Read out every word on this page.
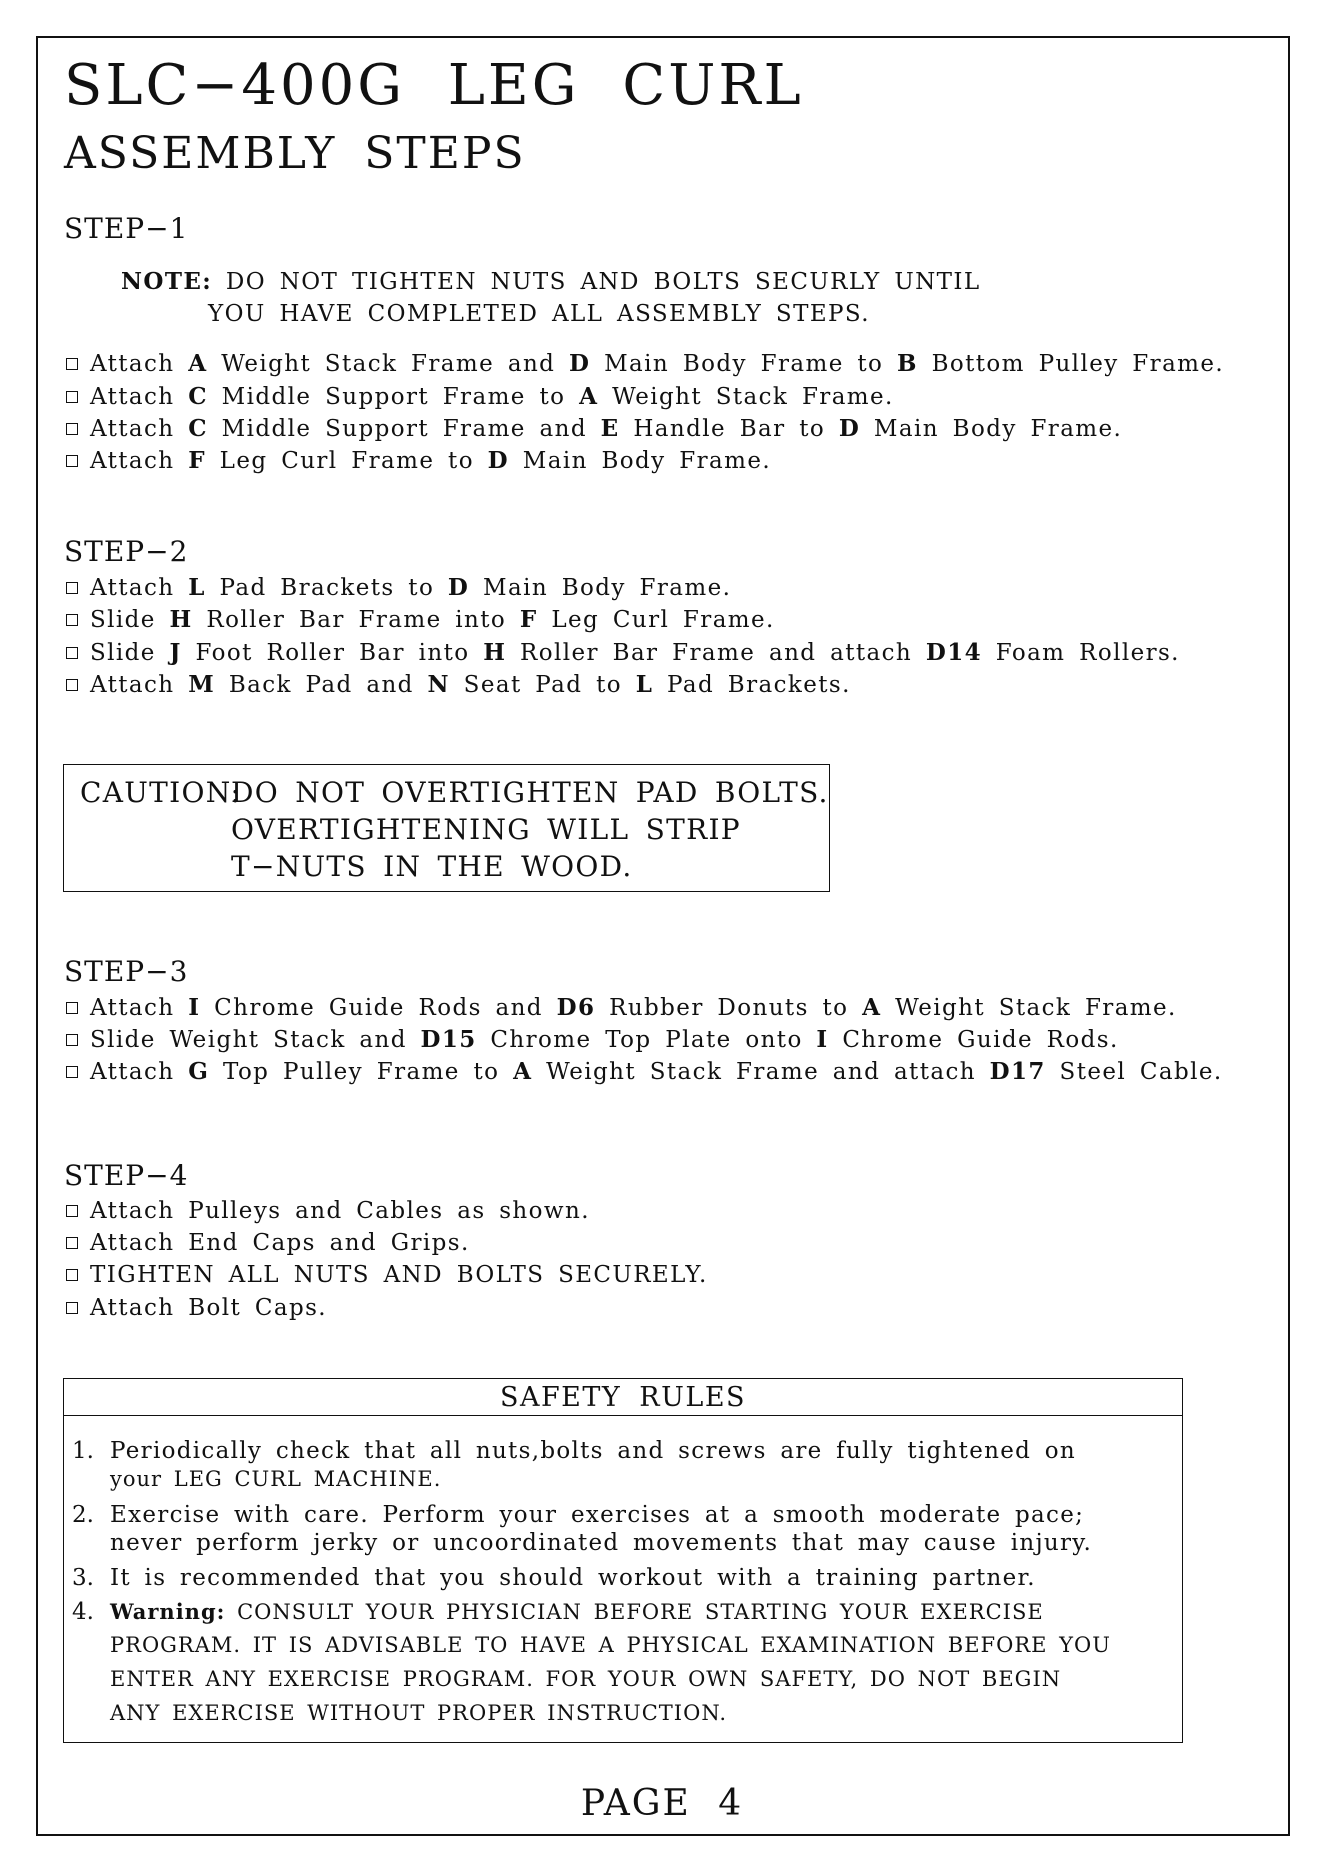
SLC−400G LEG CURL
ASSEMBLY STEPS
STEP−1
NOTE: DO NOT TIGHTEN NUTS AND BOLTS SECURLY UNTIL
YOU HAVE COMPLETED ALL ASSEMBLY STEPS.
Attach A Weight Stack Frame and D Main Body Frame to B Bottom Pulley Frame.
Attach C Middle Support Frame to A Weight Stack Frame.
Attach C Middle Support Frame and E Handle Bar to D Main Body Frame.
Attach F Leg Curl Frame to D Main Body Frame.
STEP−2
Attach L Pad Brackets to D Main Body Frame.
Slide H Roller Bar Frame into F Leg Curl Frame.
Slide J Foot Roller Bar into H Roller Bar Frame and attach D14 Foam Rollers.
Attach M Back Pad and N Seat Pad to L Pad Brackets.
CAUTION:
DO NOT OVERTIGHTEN PAD BOLTS.
OVERTIGHTENING WILL STRIP
T−NUTS IN THE WOOD.
STEP−3
Attach I Chrome Guide Rods and D6 Rubber Donuts to A Weight Stack Frame.
Slide Weight Stack and D15 Chrome Top Plate onto I Chrome Guide Rods.
Attach G Top Pulley Frame to A Weight Stack Frame and attach D17 Steel Cable.
STEP−4
Attach Pulleys and Cables as shown.
Attach End Caps and Grips.
TIGHTEN ALL NUTS AND BOLTS SECURELY.
Attach Bolt Caps.
SAFETY RULES
1. Periodically check that all nuts,bolts and screws are fully tightened on
your LEG CURL MACHINE.
2. Exercise with care. Perform your exercises at a smooth moderate pace;
never perform jerky or uncoordinated movements that may cause injury.
3. It is recommended that you should workout with a training partner.
4. Warning: CONSULT YOUR PHYSICIAN BEFORE STARTING YOUR EXERCISE
PROGRAM. IT IS ADVISABLE TO HAVE A PHYSICAL EXAMINATION BEFORE YOU
ENTER ANY EXERCISE PROGRAM. FOR YOUR OWN SAFETY, DO NOT BEGIN
ANY EXERCISE WITHOUT PROPER INSTRUCTION.
PAGE 4
